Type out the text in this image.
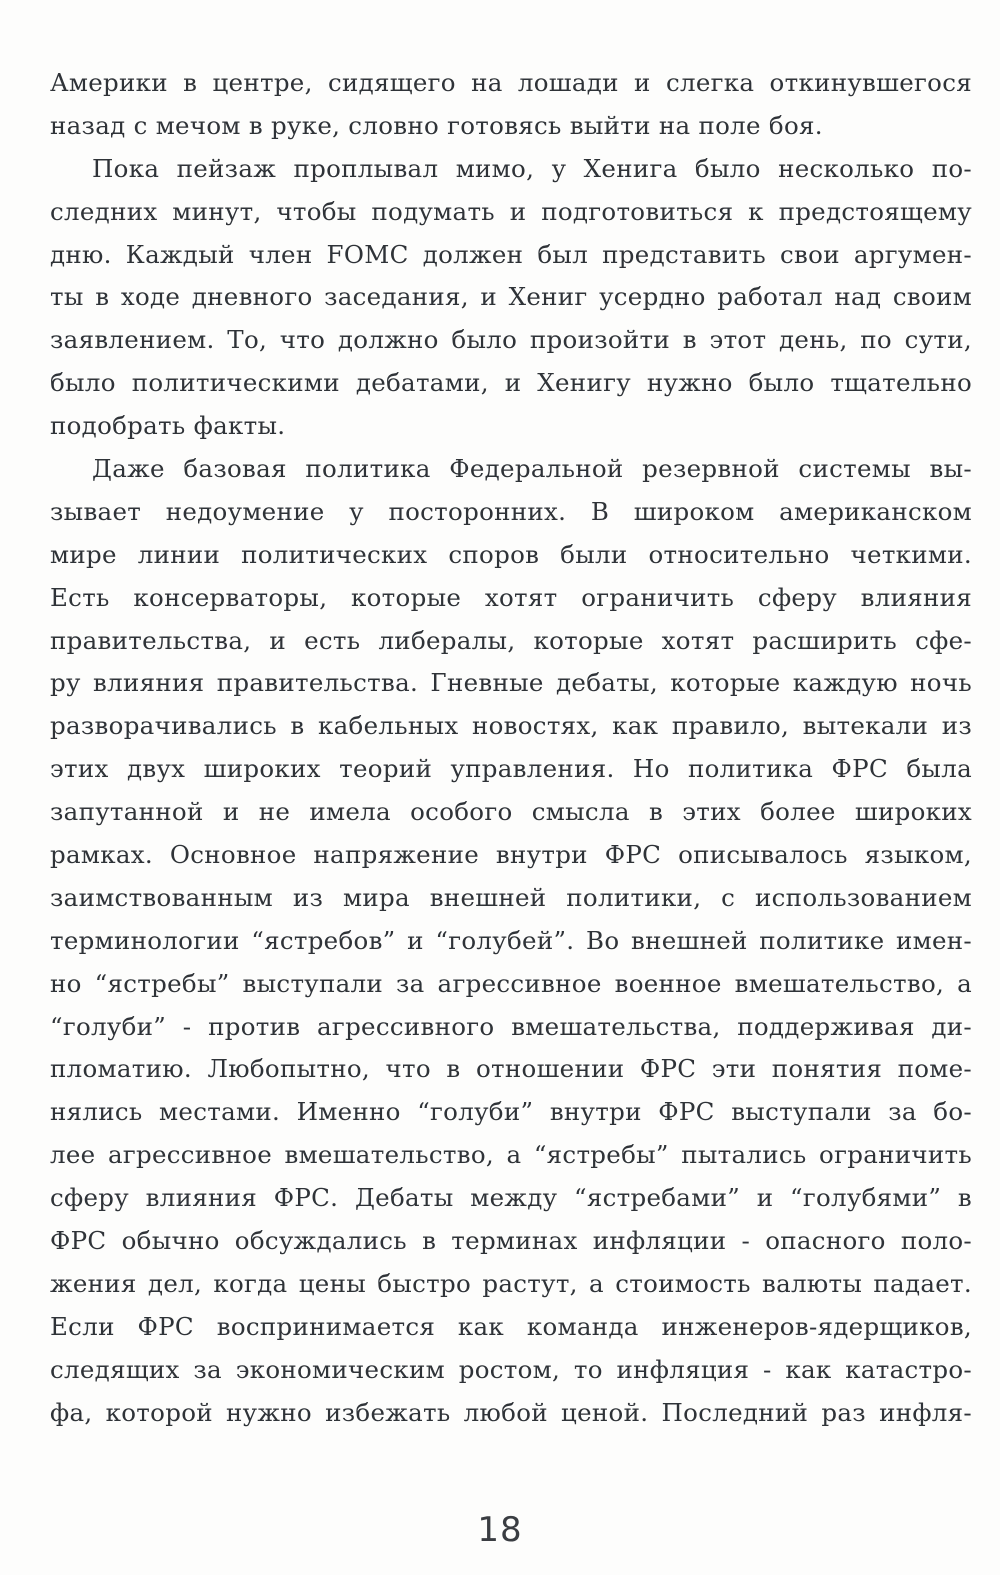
Америки в центре, сидящего на лошади и слегка откинувшегося
назад с мечом в руке, словно готовясь выйти на поле боя.
Пока пейзаж проплывал мимо, у Хенига было несколько по-
следних минут, чтобы подумать и подготовиться к предстоящему
дню. Каждый член FOMC должен был представить свои аргумен-
ты в ходе дневного заседания, и Хениг усердно работал над своим
заявлением. То, что должно было произойти в этот день, по сути,
было политическими дебатами, и Хенигу нужно было тщательно
подобрать факты.
Даже базовая политика Федеральной резервной системы вы-
зывает недоумение у посторонних. В широком американском
мире линии политических споров были относительно четкими.
Есть консерваторы, которые хотят ограничить сферу влияния
правительства, и есть либералы, которые хотят расширить сфе-
ру влияния правительства. Гневные дебаты, которые каждую ночь
разворачивались в кабельных новостях, как правило, вытекали из
этих двух широких теорий управления. Но политика ФРС была
запутанной и не имела особого смысла в этих более широких
рамках. Основное напряжение внутри ФРС описывалось языком,
заимствованным из мира внешней политики, с использованием
терминологии “ястребов” и “голубей”. Во внешней политике имен-
но “ястребы” выступали за агрессивное военное вмешательство, а
“голуби” - против агрессивного вмешательства, поддерживая ди-
пломатию. Любопытно, что в отношении ФРС эти понятия поме-
нялись местами. Именно “голуби” внутри ФРС выступали за бо-
лее агрессивное вмешательство, а “ястребы” пытались ограничить
сферу влияния ФРС. Дебаты между “ястребами” и “голубями” в
ФРС обычно обсуждались в терминах инфляции - опасного поло-
жения дел, когда цены быстро растут, а стоимость валюты падает.
Если ФРС воспринимается как команда инженеров-ядерщиков,
следящих за экономическим ростом, то инфляция - как катастро-
фа, которой нужно избежать любой ценой. Последний раз инфля-
18
